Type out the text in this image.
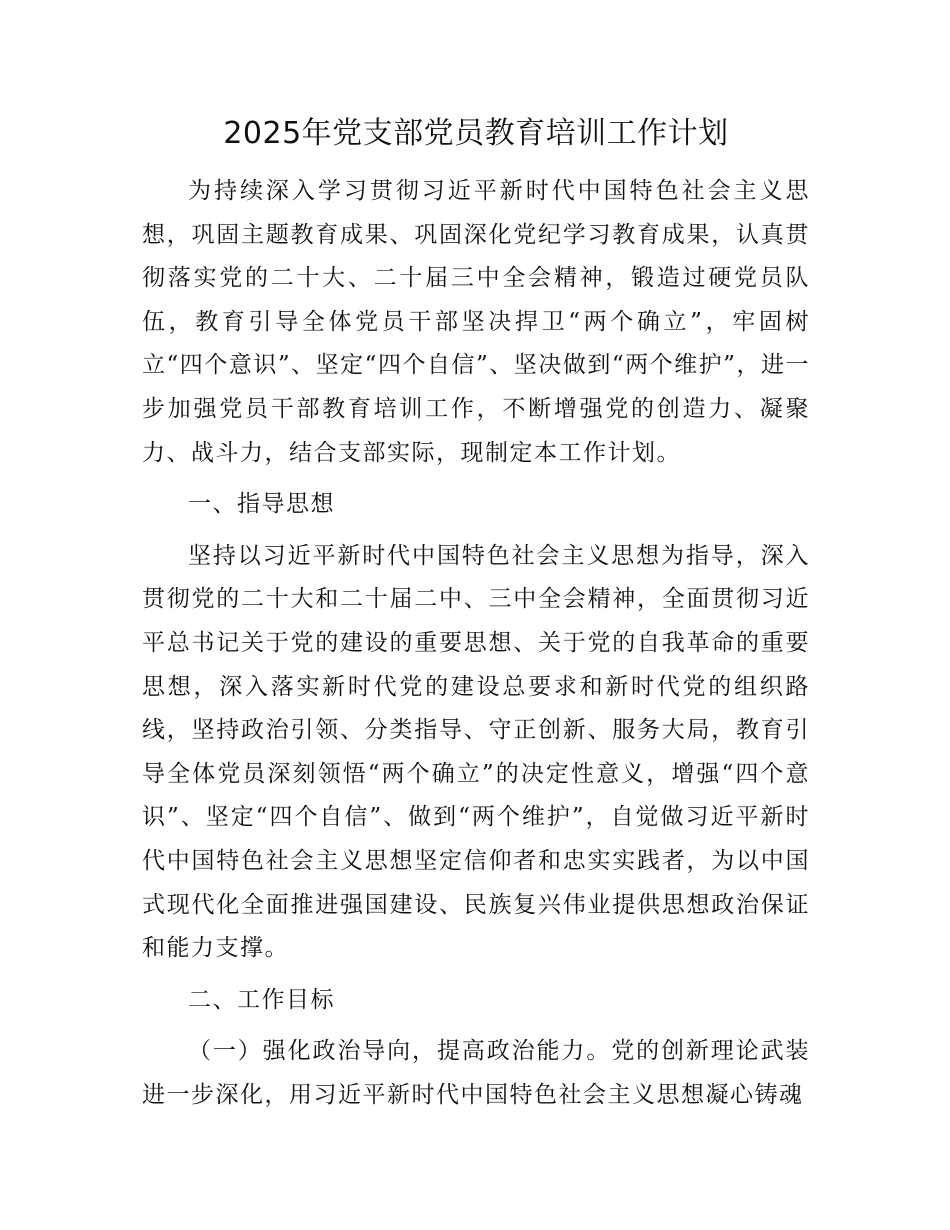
2025年党支部党员教育培训工作计划

为持续深入学习贯彻习近平新时代中国特色社会主义思想，巩固主题教育成果、巩固深化党纪学习教育成果，认真贯彻落实党的二十大、二十届三中全会精神，锻造过硬党员队伍，教育引导全体党员干部坚决捍卫“两个确立”，牢固树立“四个意识”、坚定“四个自信”、坚决做到“两个维护”，进一步加强党员干部教育培训工作，不断增强党的创造力、凝聚力、战斗力，结合支部实际，现制定本工作计划。

一、指导思想

坚持以习近平新时代中国特色社会主义思想为指导，深入贯彻党的二十大和二十届二中、三中全会精神，全面贯彻习近平总书记关于党的建设的重要思想、关于党的自我革命的重要思想，深入落实新时代党的建设总要求和新时代党的组织路线，坚持政治引领、分类指导、守正创新、服务大局，教育引导全体党员深刻领悟“两个确立”的决定性意义，增强“四个意识”、坚定“四个自信”、做到“两个维护”，自觉做习近平新时代中国特色社会主义思想坚定信仰者和忠实实践者，为以中国式现代化全面推进强国建设、民族复兴伟业提供思想政治保证和能力支撑。

二、工作目标

（一）强化政治导向，提高政治能力。党的创新理论武装进一步深化，用习近平新时代中国特色社会主义思想凝心铸魂
